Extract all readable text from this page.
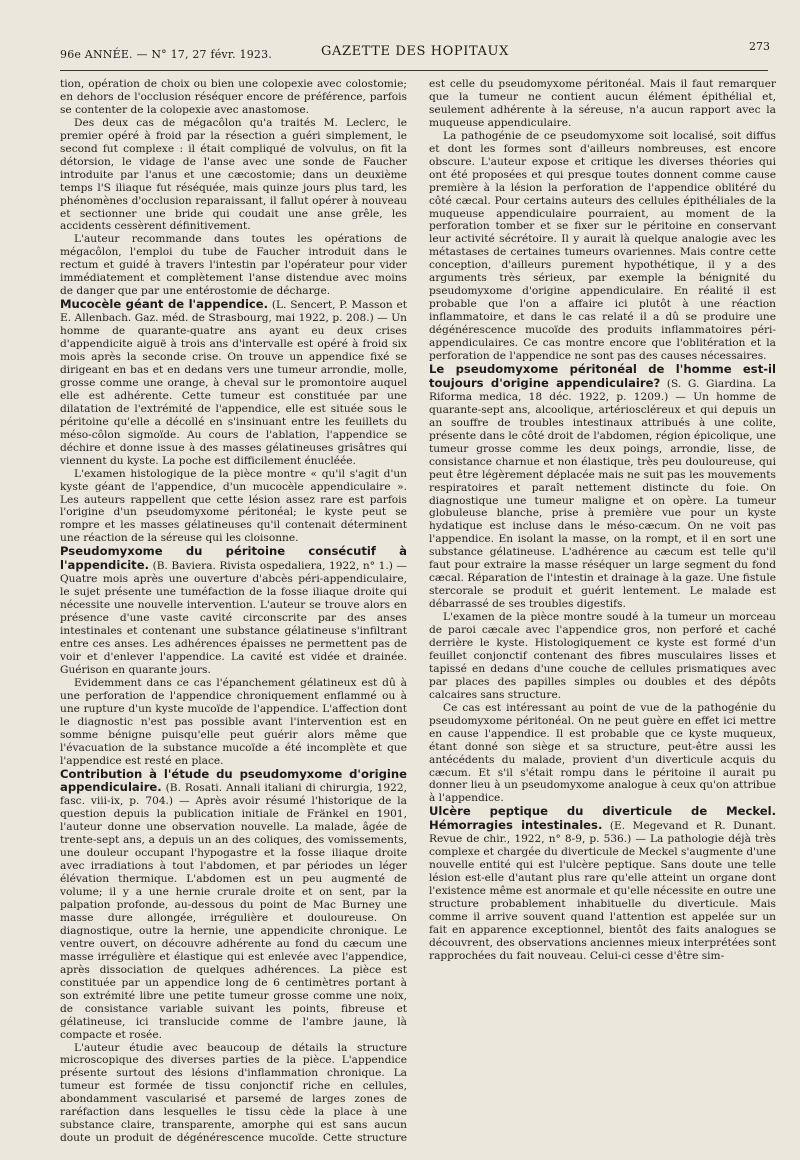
96e ANNÉE. — N° 17, 27 févr. 1923.	GAZETTE DES HOPITAUX	273

tion, opération de choix ou bien une colopexie avec colostomie; en dehors de l'occlusion réséquer encore de préférence, parfois se contenter de la colopexie avec anastomose.

Des deux cas de mégacôlon qu'a traités M. Leclerc, le premier opéré à froid par la résection a guéri simplement, le second fut complexe : il était compliqué de volvulus, on fit la détorsion, le vidage de l'anse avec une sonde de Faucher introduite par l'anus et une cæcostomie; dans un deuxième temps l'S iliaque fut réséquée, mais quinze jours plus tard, les phénomènes d'occlusion reparaissant, il fallut opérer à nouveau et sectionner une bride qui coudait une anse grêle, les accidents cessèrent définitivement.

L'auteur recommande dans toutes les opérations de mégacôlon, l'emploi du tube de Faucher introduit dans le rectum et guidé à travers l'intestin par l'opérateur pour vider immédiatement et complètement l'anse distendue avec moins de danger que par une entérostomie de décharge.

Mucocèle géant de l'appendice. (L. Sencert, P. Masson et E. Allenbach. Gaz. méd. de Strasbourg, mai 1922, p. 208.) — Un homme de quarante-quatre ans ayant eu deux crises d'appendicite aiguë à trois ans d'intervalle est opéré à froid six mois après la seconde crise. On trouve un appendice fixé se dirigeant en bas et en dedans vers une tumeur arrondie, molle, grosse comme une orange, à cheval sur le promontoire auquel elle est adhérente. Cette tumeur est constituée par une dilatation de l'extrémité de l'appendice, elle est située sous le péritoine qu'elle a décollé en s'insinuant entre les feuillets du méso-côlon sigmoïde. Au cours de l'ablation, l'appendice se déchire et donne issue à des masses gélatineuses grisâtres qui viennent du kyste. La poche est difficilement énucléée.

L'examen histologique de la pièce montre « qu'il s'agit d'un kyste géant de l'appendice, d'un mucocèle appendiculaire ». Les auteurs rappellent que cette lésion assez rare est parfois l'origine d'un pseudomyxome péritonéal; le kyste peut se rompre et les masses gélatineuses qu'il contenait déterminent une réaction de la séreuse qui les cloisonne.

Pseudomyxome du péritoine consécutif à l'appendicite. (B. Baviera. Rivista ospedaliera, 1922, n° 1.) — Quatre mois après une ouverture d'abcès péri-appendiculaire, le sujet présente une tuméfaction de la fosse iliaque droite qui nécessite une nouvelle intervention. L'auteur se trouve alors en présence d'une vaste cavité circonscrite par des anses intestinales et contenant une substance gélatineuse s'infiltrant entre ces anses. Les adhérences épaisses ne permettent pas de voir et d'enlever l'appendice. La cavité est vidée et drainée. Guérison en quarante jours.

Evidemment dans ce cas l'épanchement gélatineux est dû à une perforation de l'appendice chroniquement enflammé ou à une rupture d'un kyste mucoïde de l'appendice. L'affection dont le diagnostic n'est pas possible avant l'intervention est en somme bénigne puisqu'elle peut guérir alors même que l'évacuation de la substance mucoïde a été incomplète et que l'appendice est resté en place.

Contribution à l'étude du pseudomyxome d'origine appendiculaire. (B. Rosati. Annali italiani di chirurgia, 1922, fasc. viii-ix, p. 704.) — Après avoir résumé l'historique de la question depuis la publication initiale de Fränkel en 1901, l'auteur donne une observation nouvelle. La malade, âgée de trente-sept ans, a depuis un an des coliques, des vomissements, une douleur occupant l'hypogastre et la fosse iliaque droite avec irradiations à tout l'abdomen, et par périodes un léger élévation thermique. L'abdomen est un peu augmenté de volume; il y a une hernie crurale droite et on sent, par la palpation profonde, au-dessous du point de Mac Burney une masse dure allongée, irrégulière et douloureuse. On diagnostique, outre la hernie, une appendicite chronique. Le ventre ouvert, on découvre adhérente au fond du cæcum une masse irrégulière et élastique qui est enlevée avec l'appendice, après dissociation de quelques adhérences. La pièce est constituée par un appendice long de 6 centimètres portant à son extrémité libre une petite tumeur grosse comme une noix, de consistance variable suivant les points, fibreuse et gélatineuse, ici translucide comme de l'ambre jaune, là compacte et rosée.

L'auteur étudie avec beaucoup de détails la structure microscopique des diverses parties de la pièce. L'appendice présente surtout des lésions d'inflammation chronique. La tumeur est formée de tissu conjonctif riche en cellules, abondamment vascularisé et parsemé de larges zones de raréfaction dans lesquelles le tissu cède la place à une substance claire, transparente, amorphe qui est sans aucun doute un produit de dégénérescence mucoïde. Cette structure est celle du pseudomyxome péritonéal. Mais il faut remarquer que la tumeur ne contient aucun élément épithélial et, seulement adhérente à la séreuse, n'a aucun rapport avec la muqueuse appendiculaire.

La pathogénie de ce pseudomyxome soit localisé, soit diffus et dont les formes sont d'ailleurs nombreuses, est encore obscure. L'auteur expose et critique les diverses théories qui ont été proposées et qui presque toutes donnent comme cause première à la lésion la perforation de l'appendice oblitéré du côté cæcal. Pour certains auteurs des cellules épithéliales de la muqueuse appendiculaire pourraient, au moment de la perforation tomber et se fixer sur le péritoine en conservant leur activité sécrétoire. Il y aurait là quelque analogie avec les métastases de certaines tumeurs ovariennes. Mais contre cette conception, d'ailleurs purement hypothétique, il y a des arguments très sérieux, par exemple la bénignité du pseudomyxome d'origine appendiculaire. En réalité il est probable que l'on a affaire ici plutôt à une réaction inflammatoire, et dans le cas relaté il a dû se produire une dégénérescence mucoïde des produits inflammatoires péri-appendiculaires. Ce cas montre encore que l'oblitération et la perforation de l'appendice ne sont pas des causes nécessaires.

Le pseudomyxome péritonéal de l'homme est-il toujours d'origine appendiculaire? (S. G. Giardina. La Riforma medica, 18 déc. 1922, p. 1209.) — Un homme de quarante-sept ans, alcoolique, artérioscléreux et qui depuis un an souffre de troubles intestinaux attribués à une colite, présente dans le côté droit de l'abdomen, région épicolique, une tumeur grosse comme les deux poings, arrondie, lisse, de consistance charnue et non élastique, très peu douloureuse, qui peut être légèrement déplacée mais ne suit pas les mouvements respiratoires et paraît nettement distincte du foie. On diagnostique une tumeur maligne et on opère. La tumeur globuleuse blanche, prise à première vue pour un kyste hydatique est incluse dans le méso-cæcum. On ne voit pas l'appendice. En isolant la masse, on la rompt, et il en sort une substance gélatineuse. L'adhérence au cæcum est telle qu'il faut pour extraire la masse réséquer un large segment du fond cæcal. Réparation de l'intestin et drainage à la gaze. Une fistule stercorale se produit et guérit lentement. Le malade est débarrassé de ses troubles digestifs.

L'examen de la pièce montre soudé à la tumeur un morceau de paroi cæcale avec l'appendice gros, non perforé et caché derrière le kyste. Histologiquement ce kyste est formé d'un feuillet conjonctif contenant des fibres musculaires lisses et tapissé en dedans d'une couche de cellules prismatiques avec par places des papilles simples ou doubles et des dépôts calcaires sans structure.

Ce cas est intéressant au point de vue de la pathogénie du pseudomyxome péritonéal. On ne peut guère en effet ici mettre en cause l'appendice. Il est probable que ce kyste muqueux, étant donné son siège et sa structure, peut-être aussi les antécédents du malade, provient d'un diverticule acquis du cæcum. Et s'il s'était rompu dans le péritoine il aurait pu donner lieu à un pseudomyxome analogue à ceux qu'on attribue à l'appendice.

Ulcère peptique du diverticule de Meckel. Hémorragies intestinales. (E. Megevand et R. Dunant. Revue de chir., 1922, n° 8-9, p. 536.) — La pathologie déjà très complexe et chargée du diverticule de Meckel s'augmente d'une nouvelle entité qui est l'ulcère peptique. Sans doute une telle lésion est-elle d'autant plus rare qu'elle atteint un organe dont l'existence même est anormale et qu'elle nécessite en outre une structure probablement inhabituelle du diverticule. Mais comme il arrive souvent quand l'attention est appelée sur un fait en apparence exceptionnel, bientôt des faits analogues se découvrent, des observations anciennes mieux interprétées sont rapprochées du fait nouveau. Celui-ci cesse d'être sim-
